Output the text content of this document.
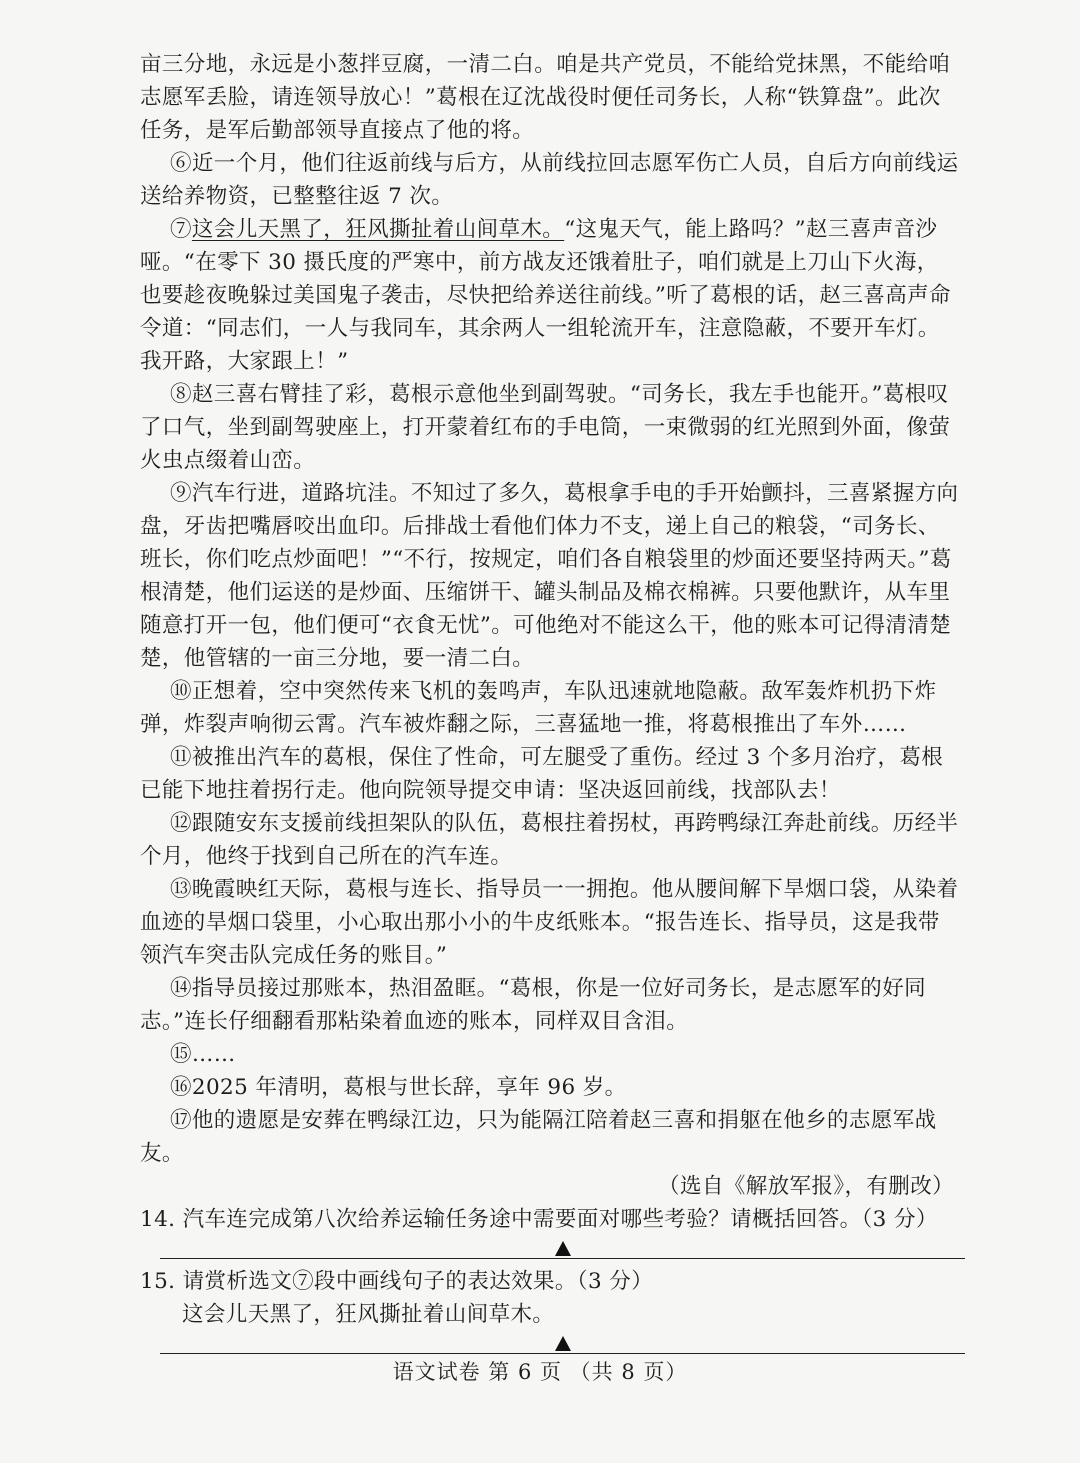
亩三分地，永远是小葱拌豆腐，一清二白。咱是共产党员，不能给党抹黑，不能给咱志愿军丢脸，请连领导放心！”葛根在辽沈战役时便任司务长，人称“铁算盘”。此次任务，是军后勤部领导直接点了他的将。

⑥近一个月，他们往返前线与后方，从前线拉回志愿军伤亡人员，自后方向前线运送给养物资，已整整往返 7 次。

⑦这会儿天黑了，狂风撕扯着山间草木。“这鬼天气，能上路吗？”赵三喜声音沙哑。“在零下 30 摄氏度的严寒中，前方战友还饿着肚子，咱们就是上刀山下火海，也要趁夜晚躲过美国鬼子袭击，尽快把给养送往前线。”听了葛根的话，赵三喜高声命令道：“同志们，一人与我同车，其余两人一组轮流开车，注意隐蔽，不要开车灯。我开路，大家跟上！”

⑧赵三喜右臂挂了彩，葛根示意他坐到副驾驶。“司务长，我左手也能开。”葛根叹了口气，坐到副驾驶座上，打开蒙着红布的手电筒，一束微弱的红光照到外面，像萤火虫点缀着山峦。

⑨汽车行进，道路坑洼。不知过了多久，葛根拿手电的手开始颤抖，三喜紧握方向盘，牙齿把嘴唇咬出血印。后排战士看他们体力不支，递上自己的粮袋，“司务长、班长，你们吃点炒面吧！”“不行，按规定，咱们各自粮袋里的炒面还要坚持两天。”葛根清楚，他们运送的是炒面、压缩饼干、罐头制品及棉衣棉裤。只要他默许，从车里随意打开一包，他们便可“衣食无忧”。可他绝对不能这么干，他的账本可记得清清楚楚，他管辖的一亩三分地，要一清二白。

⑩正想着，空中突然传来飞机的轰鸣声，车队迅速就地隐蔽。敌军轰炸机扔下炸弹，炸裂声响彻云霄。汽车被炸翻之际，三喜猛地一推，将葛根推出了车外……

⑪被推出汽车的葛根，保住了性命，可左腿受了重伤。经过 3 个多月治疗，葛根已能下地拄着拐行走。他向院领导提交申请：坚决返回前线，找部队去！

⑫跟随安东支援前线担架队的队伍，葛根拄着拐杖，再跨鸭绿江奔赴前线。历经半个月，他终于找到自己所在的汽车连。

⑬晚霞映红天际，葛根与连长、指导员一一拥抱。他从腰间解下旱烟口袋，从染着血迹的旱烟口袋里，小心取出那小小的牛皮纸账本。“报告连长、指导员，这是我带领汽车突击队完成任务的账目。”

⑭指导员接过那账本，热泪盈眶。“葛根，你是一位好司务长，是志愿军的好同志。”连长仔细翻看那粘染着血迹的账本，同样双目含泪。

⑮……

⑯2025 年清明，葛根与世长辞，享年 96 岁。

⑰他的遗愿是安葬在鸭绿江边，只为能隔江陪着赵三喜和捐躯在他乡的志愿军战友。

（选自《解放军报》，有删改）

14. 汽车连完成第八次给养运输任务途中需要面对哪些考验？请概括回答。（3 分）

15. 请赏析选文⑦段中画线句子的表达效果。（3 分）

这会儿天黑了，狂风撕扯着山间草木。

语文试卷 第 6 页 （共 8 页）
